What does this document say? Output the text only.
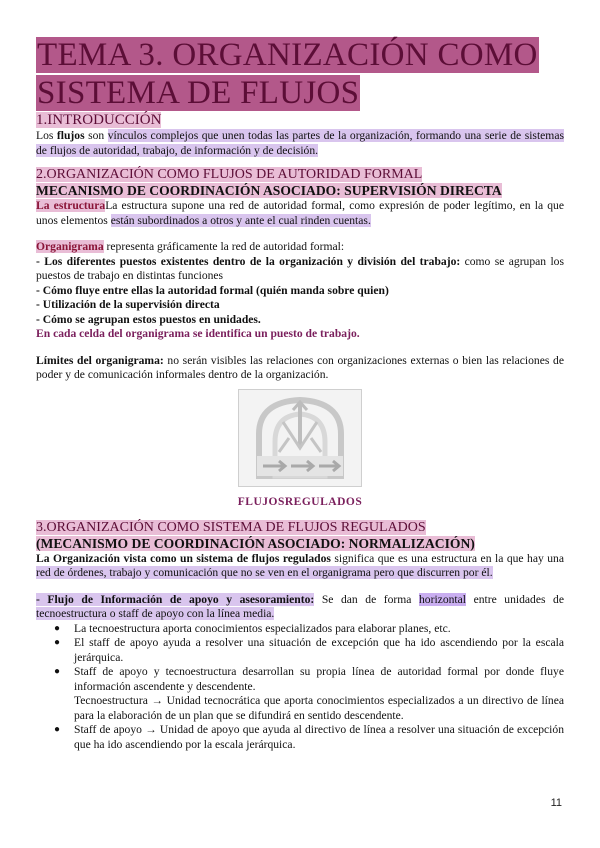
TEMA 3. ORGANIZACIÓN COMO
SISTEMA DE FLUJOS
1.INTRODUCCIÓN

Los flujos son vínculos complejos que unen todas las partes de la organización, formando una serie de sistemas de flujos de autoridad, trabajo, de información y de decisión.

2.ORGANIZACIÓN COMO FLUJOS DE AUTORIDAD FORMAL
MECANISMO DE COORDINACIÓN ASOCIADO: SUPERVISIÓN DIRECTA

La estructuraLa estructura supone una red de autoridad formal, como expresión de poder legítimo, en la que unos elementos están subordinados a otros y ante el cual rinden cuentas.

Organigrama representa gráficamente la red de autoridad formal:

- Los diferentes puestos existentes dentro de la organización y división del trabajo: como se agrupan los puestos de trabajo en distintas funciones

- Cómo fluye entre ellas la autoridad formal (quién manda sobre quien)

- Utilización de la supervisión directa

- Cómo se agrupan estos puestos en unidades.

En cada celda del organigrama se identifica un puesto de trabajo.

Límites del organigrama: no serán visibles las relaciones con organizaciones externas o bien las relaciones de poder y de comunicación informales dentro de la organización.

FLUJOSREGULADOS
3.ORGANIZACIÓN COMO SISTEMA DE FLUJOS REGULADOS
(MECANISMO DE COORDINACIÓN ASOCIADO: NORMALIZACIÓN)

La Organización vista como un sistema de flujos regulados significa que es una estructura en la que hay una red de órdenes, trabajo y comunicación que no se ven en el organigrama pero que discurren por él.

- Flujo de Información de apoyo y asesoramiento: Se dan de forma horizontal entre unidades de tecnoestructura o staff de apoyo con la línea media.

● La tecnoestructura aporta conocimientos especializados para elaborar planes, etc.
● El staff de apoyo ayuda a resolver una situación de excepción que ha ido ascendiendo por la escala jerárquica.
● Staff de apoyo y tecnoestructura desarrollan su propia línea de autoridad formal por donde fluye información ascendente y descendente.
Tecnoestructura → Unidad tecnocrática que aporta conocimientos especializados a un directivo de línea para la elaboración de un plan que se difundirá en sentido descendente.
● Staff de apoyo → Unidad de apoyo que ayuda al directivo de línea a resolver una situación de excepción que ha ido ascendiendo por la escala jerárquica.
11
